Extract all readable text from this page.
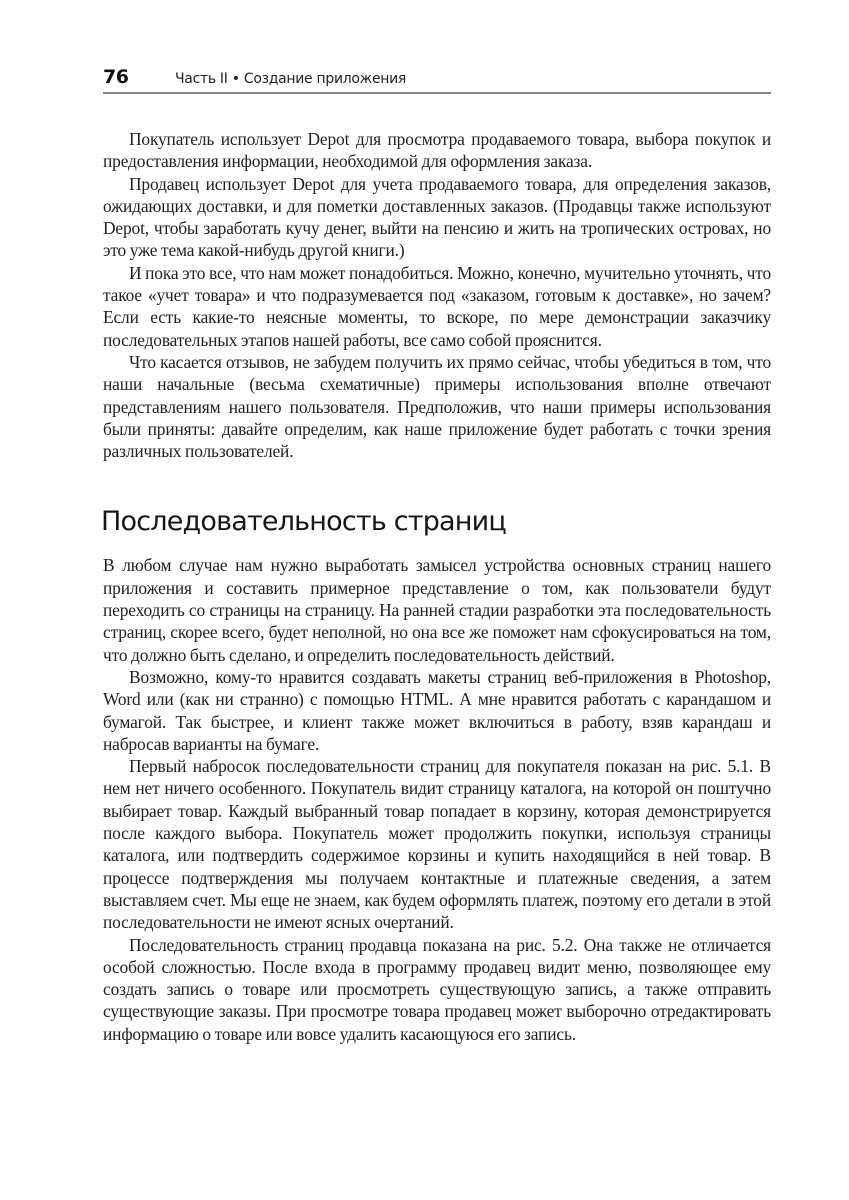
76	Часть II • Создание приложения

Покупатель использует Depot для просмотра продаваемого товара, выбора покупок и предоставления информации, необходимой для оформления заказа.

Продавец использует Depot для учета продаваемого товара, для определения заказов, ожидающих доставки, и для пометки доставленных заказов. (Продавцы также используют Depot, чтобы заработать кучу денег, выйти на пенсию и жить на тропических островах, но это уже тема какой-нибудь другой книги.)

И пока это все, что нам может понадобиться. Можно, конечно, мучительно уточнять, что такое «учет товара» и что подразумевается под «заказом, готовым к доставке», но зачем? Если есть какие-то неясные моменты, то вскоре, по мере демонстрации заказчику последовательных этапов нашей работы, все само собой прояснится.

Что касается отзывов, не забудем получить их прямо сейчас, чтобы убедиться в том, что наши начальные (весьма схематичные) примеры использования вполне отвечают представлениям нашего пользователя. Предположив, что наши примеры использования были приняты: давайте определим, как наше приложение будет работать с точки зрения различных пользователей.

Последовательность страниц

В любом случае нам нужно выработать замысел устройства основных страниц нашего приложения и составить примерное представление о том, как пользователи будут переходить со страницы на страницу. На ранней стадии разработки эта последовательность страниц, скорее всего, будет неполной, но она все же поможет нам сфокусироваться на том, что должно быть сделано, и определить последовательность действий.

Возможно, кому-то нравится создавать макеты страниц веб-приложения в Photoshop, Word или (как ни странно) с помощью HTML. А мне нравится работать с карандашом и бумагой. Так быстрее, и клиент также может включиться в работу, взяв карандаш и набросав варианты на бумаге.

Первый набросок последовательности страниц для покупателя показан на рис. 5.1. В нем нет ничего особенного. Покупатель видит страницу каталога, на которой он поштучно выбирает товар. Каждый выбранный товар попадает в корзину, которая демонстрируется после каждого выбора. Покупатель может продолжить покупки, используя страницы каталога, или подтвердить содержимое корзины и купить находящийся в ней товар. В процессе подтверждения мы получаем контактные и платежные сведения, а затем выставляем счет. Мы еще не знаем, как будем оформлять платеж, поэтому его детали в этой последовательности не имеют ясных очертаний.

Последовательность страниц продавца показана на рис. 5.2. Она также не отличается особой сложностью. После входа в программу продавец видит меню, позволяющее ему создать запись о товаре или просмотреть существующую запись, а также отправить существующие заказы. При просмотре товара продавец может выборочно отредактировать информацию о товаре или вовсе удалить касающуюся его запись.
